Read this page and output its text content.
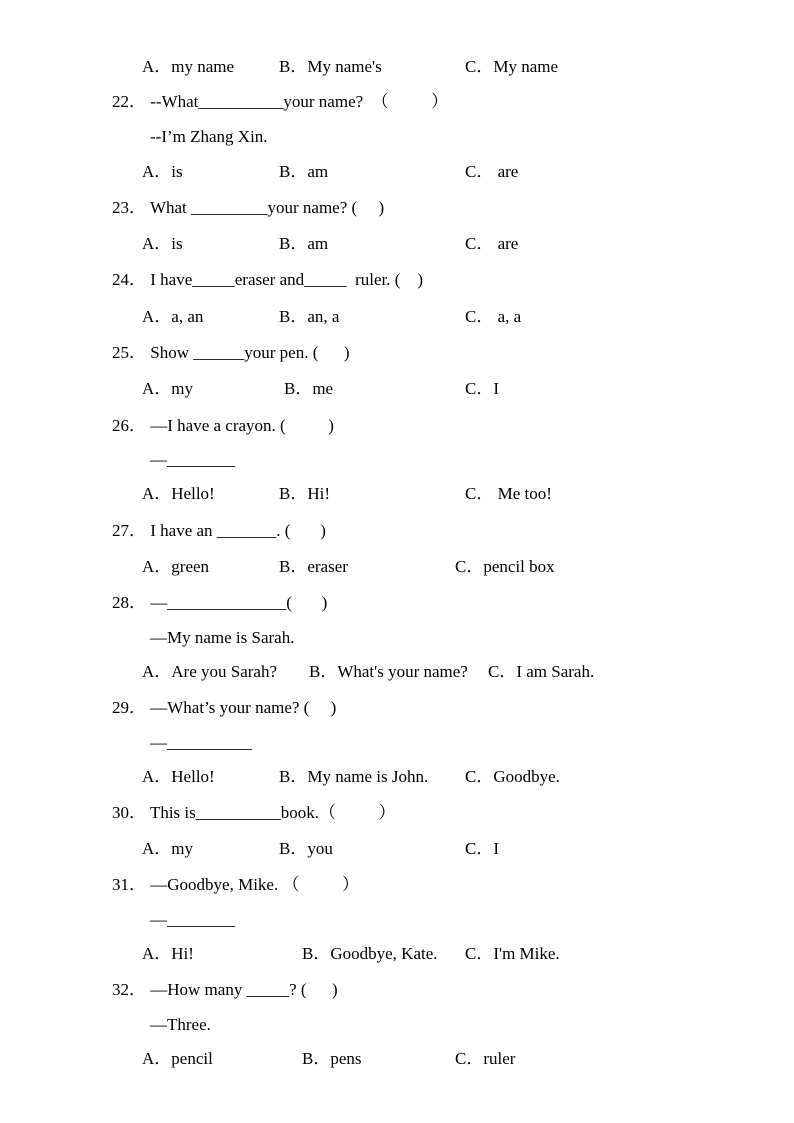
A．my name	B．My name's	C．My name
22． --What__________your name?  （          ）
--I’m Zhang Xin.
A．is	B．am	C． are
23． What _________your name? (     )
A．is	B．am	C． are
24． I have_____eraser and_____  ruler. (    )
A．a, an	B．an, a	C． a, a
25． Show ______your pen. (      )
A．my	B．me	C．I
26． —I have a crayon. (          )
—________
A．Hello!	B．Hi!	C． Me too!
27． I have an _______. (       )
A．green	B．eraser	C．pencil box
28． —______________(       )
—My name is Sarah.
A．Are you Sarah? B．What's your name? C．I am Sarah.
29． —What’s your name? (     )
—__________
A．Hello!	B．My name is John. C．Goodbye.
30． This is__________book.（          ）
A．my	B．you	C．I
31． —Goodbye, Mike. （          ）
—________
A．Hi!	B．Goodbye, Kate. C．I'm Mike.
32． —How many _____? (      )
—Three.
A．pencil	B．pens	C．ruler
